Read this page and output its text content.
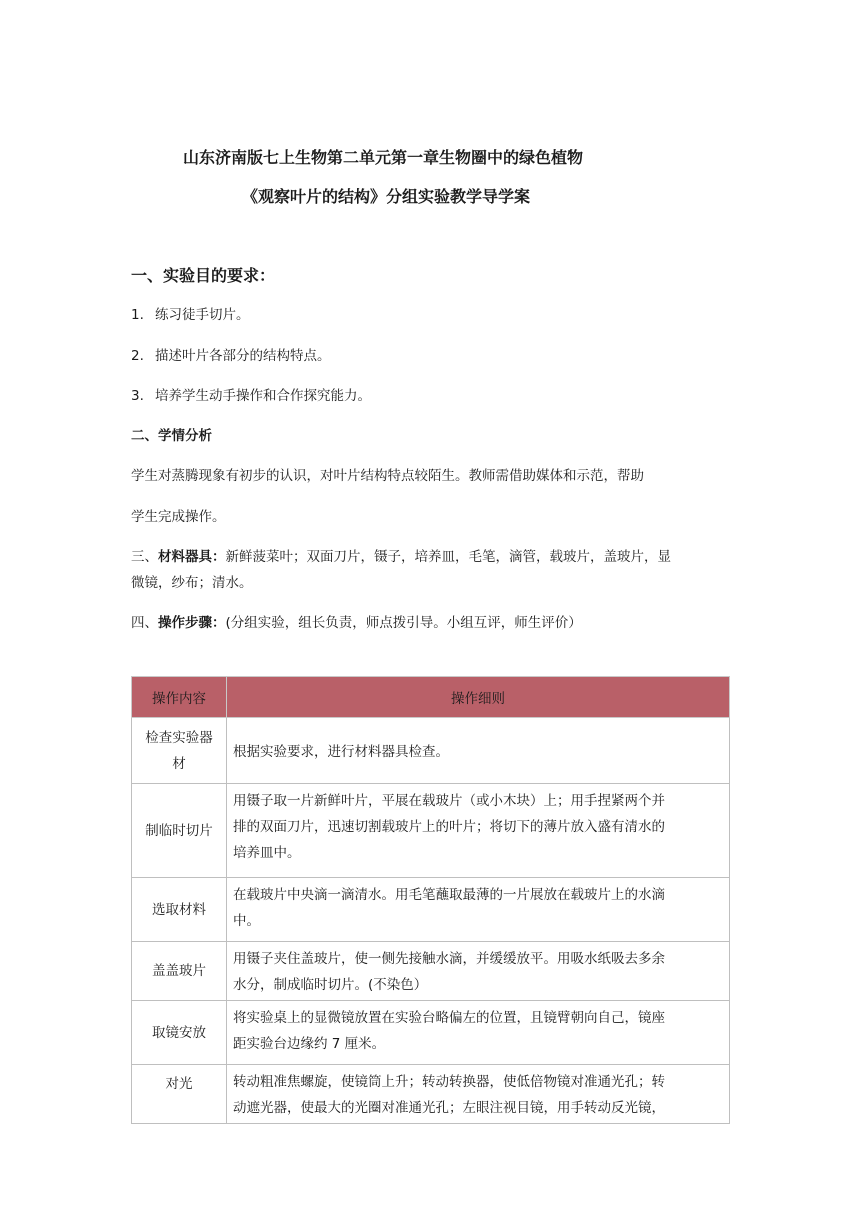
山东济南版七上生物第二单元第一章生物圈中的绿色植物
《观察叶片的结构》分组实验教学导学案
一、实验目的要求：
1. 练习徒手切片。
2. 描述叶片各部分的结构特点。
3. 培养学生动手操作和合作探究能力。
二、学情分析
学生对蒸腾现象有初步的认识，对叶片结构特点较陌生。教师需借助媒体和示范，帮助
学生完成操作。
三、材料器具：新鲜菠菜叶；双面刀片，镊子，培养皿，毛笔，滴管，载玻片，盖玻片，显
微镜，纱布；清水。
四、操作步骤：(分组实验，组长负责，师点拨引导。小组互评，师生评价）
操作内容	操作细则
检查实验器
材	根据实验要求，进行材料器具检查。
制临时切片	用镊子取一片新鲜叶片，平展在载玻片（或小木块）上；用手捏紧两个并
排的双面刀片，迅速切割载玻片上的叶片；将切下的薄片放入盛有清水的
培养皿中。
选取材料	在载玻片中央滴一滴清水。用毛笔蘸取最薄的一片展放在载玻片上的水滴
中。
盖盖玻片	用镊子夹住盖玻片，使一侧先接触水滴，并缓缓放平。用吸水纸吸去多余
水分，制成临时切片。(不染色）
取镜安放	将实验桌上的显微镜放置在实验台略偏左的位置，且镜臂朝向自己，镜座
距实验台边缘约 7 厘米。
对光	转动粗准焦螺旋，使镜筒上升；转动转换器，使低倍物镜对准通光孔；转
动遮光器，使最大的光圈对准通光孔；左眼注视目镜，用手转动反光镜，
